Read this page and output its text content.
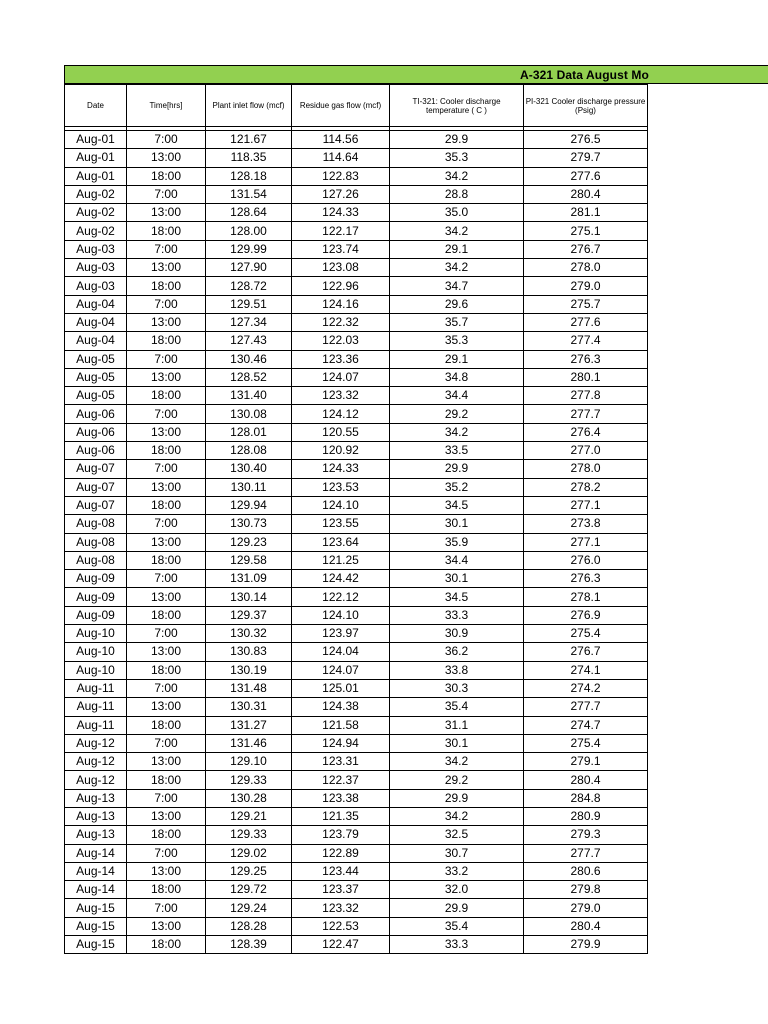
A-321 Data August Mo
Date	Time[hrs]	Plant inlet flow (mcf)	Residue gas flow (mcf)	TI-321: Cooler discharge temperature ( C )	PI-321 Cooler discharge pressure (Psig)

Aug-01	7:00	121.67	114.56	29.9	276.5
Aug-01	13:00	118.35	114.64	35.3	279.7
Aug-01	18:00	128.18	122.83	34.2	277.6
Aug-02	7:00	131.54	127.26	28.8	280.4
Aug-02	13:00	128.64	124.33	35.0	281.1
Aug-02	18:00	128.00	122.17	34.2	275.1
Aug-03	7:00	129.99	123.74	29.1	276.7
Aug-03	13:00	127.90	123.08	34.2	278.0
Aug-03	18:00	128.72	122.96	34.7	279.0
Aug-04	7:00	129.51	124.16	29.6	275.7
Aug-04	13:00	127.34	122.32	35.7	277.6
Aug-04	18:00	127.43	122.03	35.3	277.4
Aug-05	7:00	130.46	123.36	29.1	276.3
Aug-05	13:00	128.52	124.07	34.8	280.1
Aug-05	18:00	131.40	123.32	34.4	277.8
Aug-06	7:00	130.08	124.12	29.2	277.7
Aug-06	13:00	128.01	120.55	34.2	276.4
Aug-06	18:00	128.08	120.92	33.5	277.0
Aug-07	7:00	130.40	124.33	29.9	278.0
Aug-07	13:00	130.11	123.53	35.2	278.2
Aug-07	18:00	129.94	124.10	34.5	277.1
Aug-08	7:00	130.73	123.55	30.1	273.8
Aug-08	13:00	129.23	123.64	35.9	277.1
Aug-08	18:00	129.58	121.25	34.4	276.0
Aug-09	7:00	131.09	124.42	30.1	276.3
Aug-09	13:00	130.14	122.12	34.5	278.1
Aug-09	18:00	129.37	124.10	33.3	276.9
Aug-10	7:00	130.32	123.97	30.9	275.4
Aug-10	13:00	130.83	124.04	36.2	276.7
Aug-10	18:00	130.19	124.07	33.8	274.1
Aug-11	7:00	131.48	125.01	30.3	274.2
Aug-11	13:00	130.31	124.38	35.4	277.7
Aug-11	18:00	131.27	121.58	31.1	274.7
Aug-12	7:00	131.46	124.94	30.1	275.4
Aug-12	13:00	129.10	123.31	34.2	279.1
Aug-12	18:00	129.33	122.37	29.2	280.4
Aug-13	7:00	130.28	123.38	29.9	284.8
Aug-13	13:00	129.21	121.35	34.2	280.9
Aug-13	18:00	129.33	123.79	32.5	279.3
Aug-14	7:00	129.02	122.89	30.7	277.7
Aug-14	13:00	129.25	123.44	33.2	280.6
Aug-14	18:00	129.72	123.37	32.0	279.8
Aug-15	7:00	129.24	123.32	29.9	279.0
Aug-15	13:00	128.28	122.53	35.4	280.4
Aug-15	18:00	128.39	122.47	33.3	279.9
